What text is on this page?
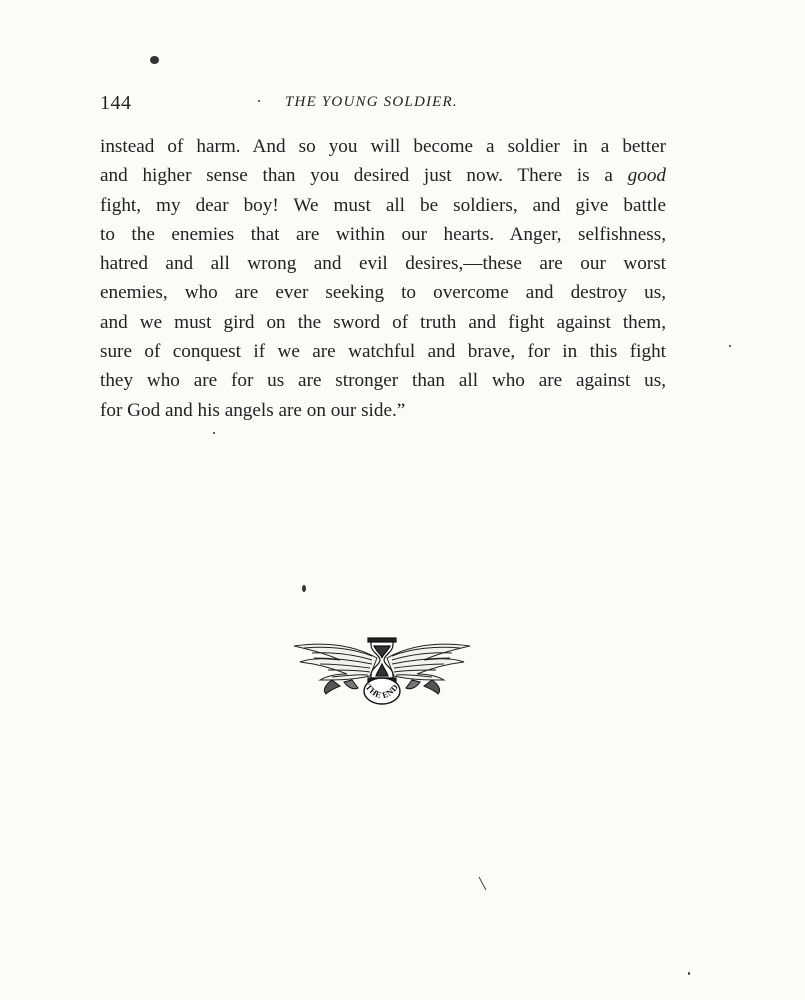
144	THE YOUNG SOLDIER.
instead of harm. And so you will become a soldier in a better
and higher sense than you desired just now. There is a good
fight, my dear boy! We must all be soldiers, and give battle
to the enemies that are within our hearts. Anger, selfishness,
hatred and all wrong and evil desires,—these are our worst
enemies, who are ever seeking to overcome and destroy us,
and we must gird on the sword of truth and fight against them,
sure of conquest if we are watchful and brave, for in this fight
they who are for us are stronger than all who are against us,
for God and his angels are on our side.”
THE END
